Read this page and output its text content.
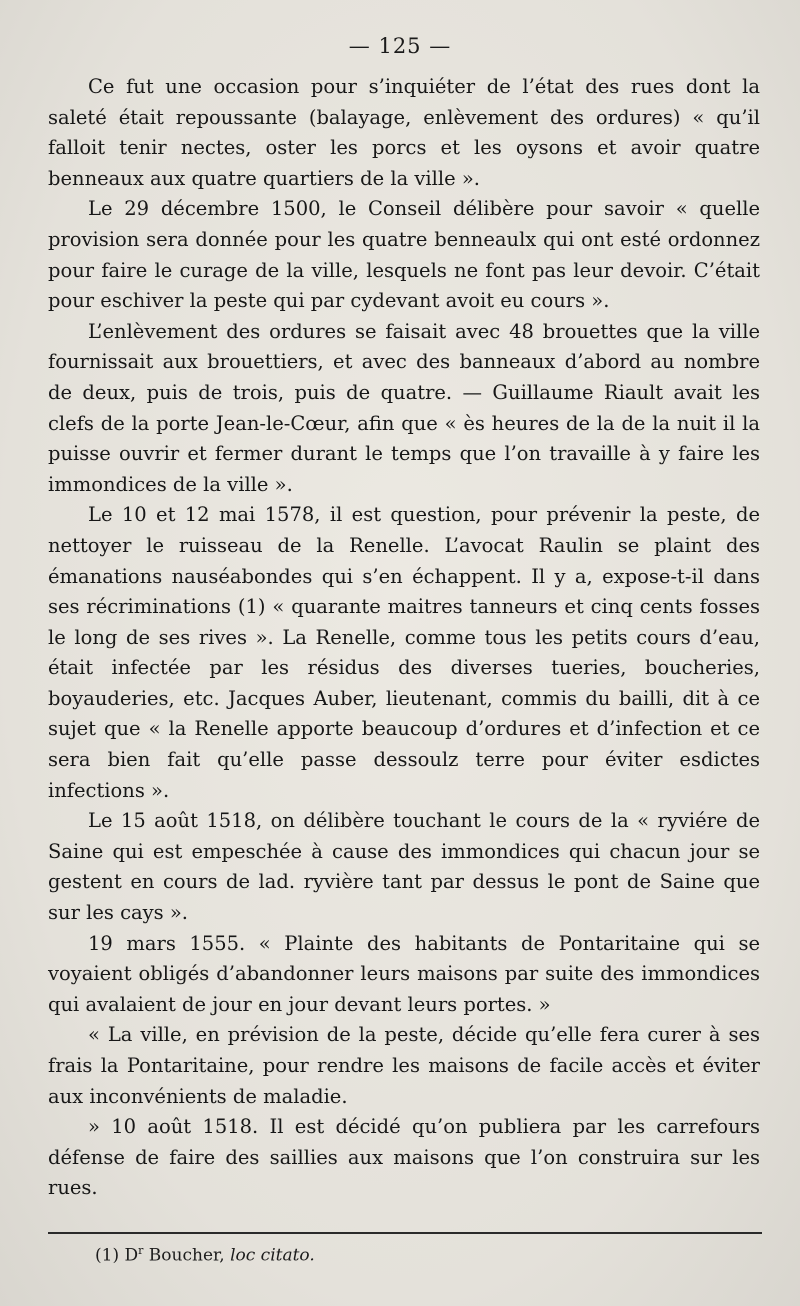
— 125 —

Ce fut une occasion pour s’inquiéter de l’état des rues dont la saleté était repoussante (balayage, enlèvement des ordures) « qu’il falloit tenir nectes, oster les porcs et les oysons et avoir quatre benneaux aux quatre quartiers de la ville ».

Le 29 décembre 1500, le Conseil délibère pour savoir « quelle provision sera donnée pour les quatre benneaulx qui ont esté ordonnez pour faire le curage de la ville, lesquels ne font pas leur devoir. C’était pour eschiver la peste qui par cydevant avoit eu cours ».

L’enlèvement des ordures se faisait avec 48 brouettes que la ville fournissait aux brouettiers, et avec des banneaux d’abord au nombre de deux, puis de trois, puis de quatre. — Guillaume Riault avait les clefs de la porte Jean-le-Cœur, afin que « ès heures de la de la nuit il la puisse ouvrir et fermer durant le temps que l’on travaille à y faire les immondices de la ville ».

Le 10 et 12 mai 1578, il est question, pour prévenir la peste, de nettoyer le ruisseau de la Renelle. L’avocat Raulin se plaint des émanations nauséabondes qui s’en échappent. Il y a, expose-t-il dans ses récriminations (1) « quarante maitres tanneurs et cinq cents fosses le long de ses rives ». La Renelle, comme tous les petits cours d’eau, était infectée par les résidus des diverses tueries, boucheries, boyauderies, etc. Jacques Auber, lieutenant, commis du bailli, dit à ce sujet que « la Renelle apporte beaucoup d’ordures et d’infection et ce sera bien fait qu’elle passe dessoulz terre pour éviter esdictes infections ».

Le 15 août 1518, on délibère touchant le cours de la « ryviére de Saine qui est empeschée à cause des immondices qui chacun jour se gestent en cours de lad. ryvière tant par dessus le pont de Saine que sur les cays ».

19 mars 1555. « Plainte des habitants de Pontaritaine qui se voyaient obligés d’abandonner leurs maisons par suite des immondices qui avalaient de jour en jour devant leurs portes. »

« La ville, en prévision de la peste, décide qu’elle fera curer à ses frais la Pontaritaine, pour rendre les maisons de facile accès et éviter aux inconvénients de maladie.

» 10 août 1518. Il est décidé qu’on publiera par les carrefours défense de faire des saillies aux maisons que l’on construira sur les rues.

(1) $D^r$ Boucher, loc citato.
